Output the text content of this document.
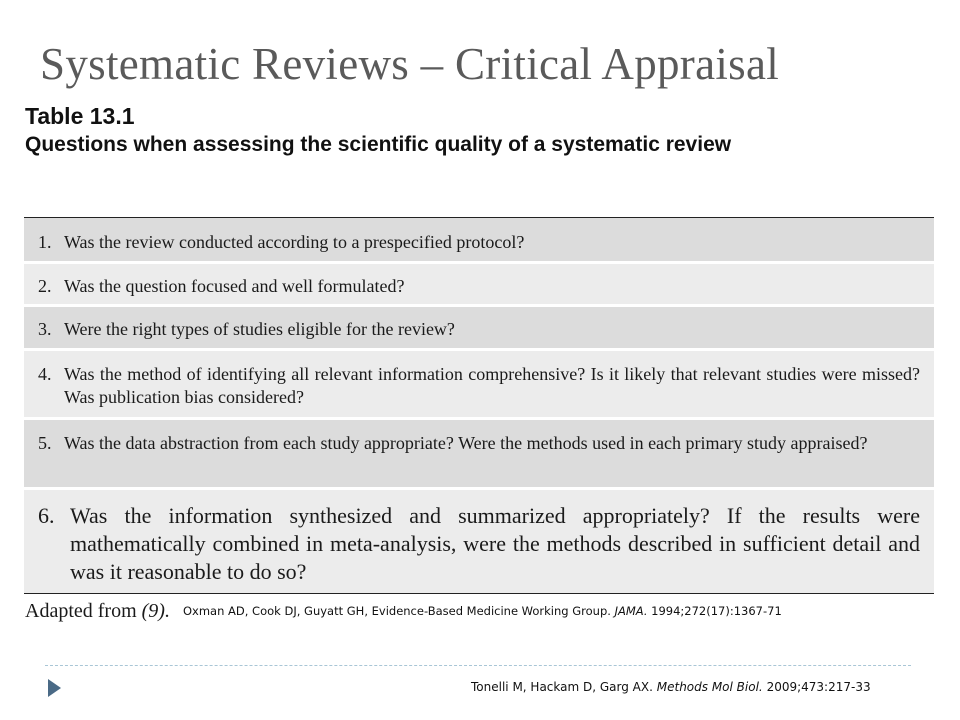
Systematic Reviews – Critical Appraisal
Table 13.1
Questions when assessing the scientific quality of a systematic review
1. Was the review conducted according to a prespecified protocol?
2. Was the question focused and well formulated?
3. Were the right types of studies eligible for the review?
4. Was the method of identifying all relevant information comprehensive? Is it likely that relevant studies were missed? Was publication bias considered?
5. Was the data abstraction from each study appropriate? Were the methods used in each primary study appraised?
6. Was the information synthesized and summarized appropriately? If the results were mathematically combined in meta-analysis, were the methods described in sufficient detail and was it reasonable to do so?
Adapted from (9). Oxman AD, Cook DJ, Guyatt GH, Evidence-Based Medicine Working Group. JAMA. 1994;272(17):1367-71
Tonelli M, Hackam D, Garg AX. Methods Mol Biol. 2009;473:217-33
